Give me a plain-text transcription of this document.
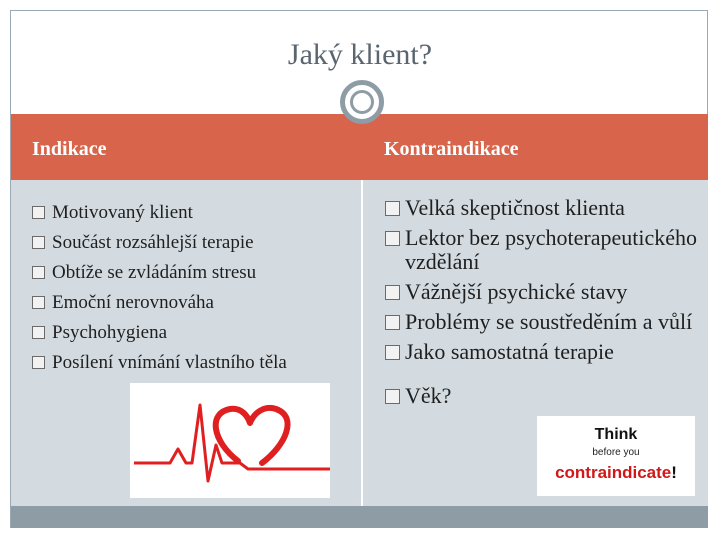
Jaký klient?
Indikace	Kontraindikace
Motivovaný klient
Součást rozsáhlejší terapie
Obtíže se zvládáním stresu
Emoční nerovnováha
Psychohygiena
Posílení vnímání vlastního těla
Velká skeptičnost klienta
Lektor bez psychoterapeutického vzdělání
Vážnější psychické stavy
Problémy se soustředěním a vůlí
Jako samostatná terapie
Věk?
Think
before you
contraindicate!
